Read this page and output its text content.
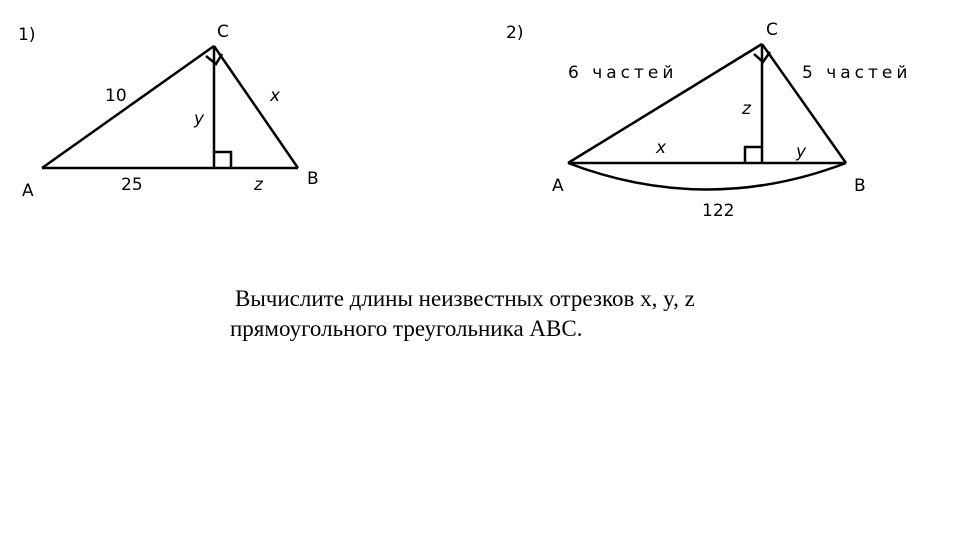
1)
A
B
C
10
25
x
y
z
2)
A	B
C
6 частей	5 частей
z
x	y
122
Вычислите длины неизвестных отрезков x, y, z
прямоугольного треугольника ABC.
